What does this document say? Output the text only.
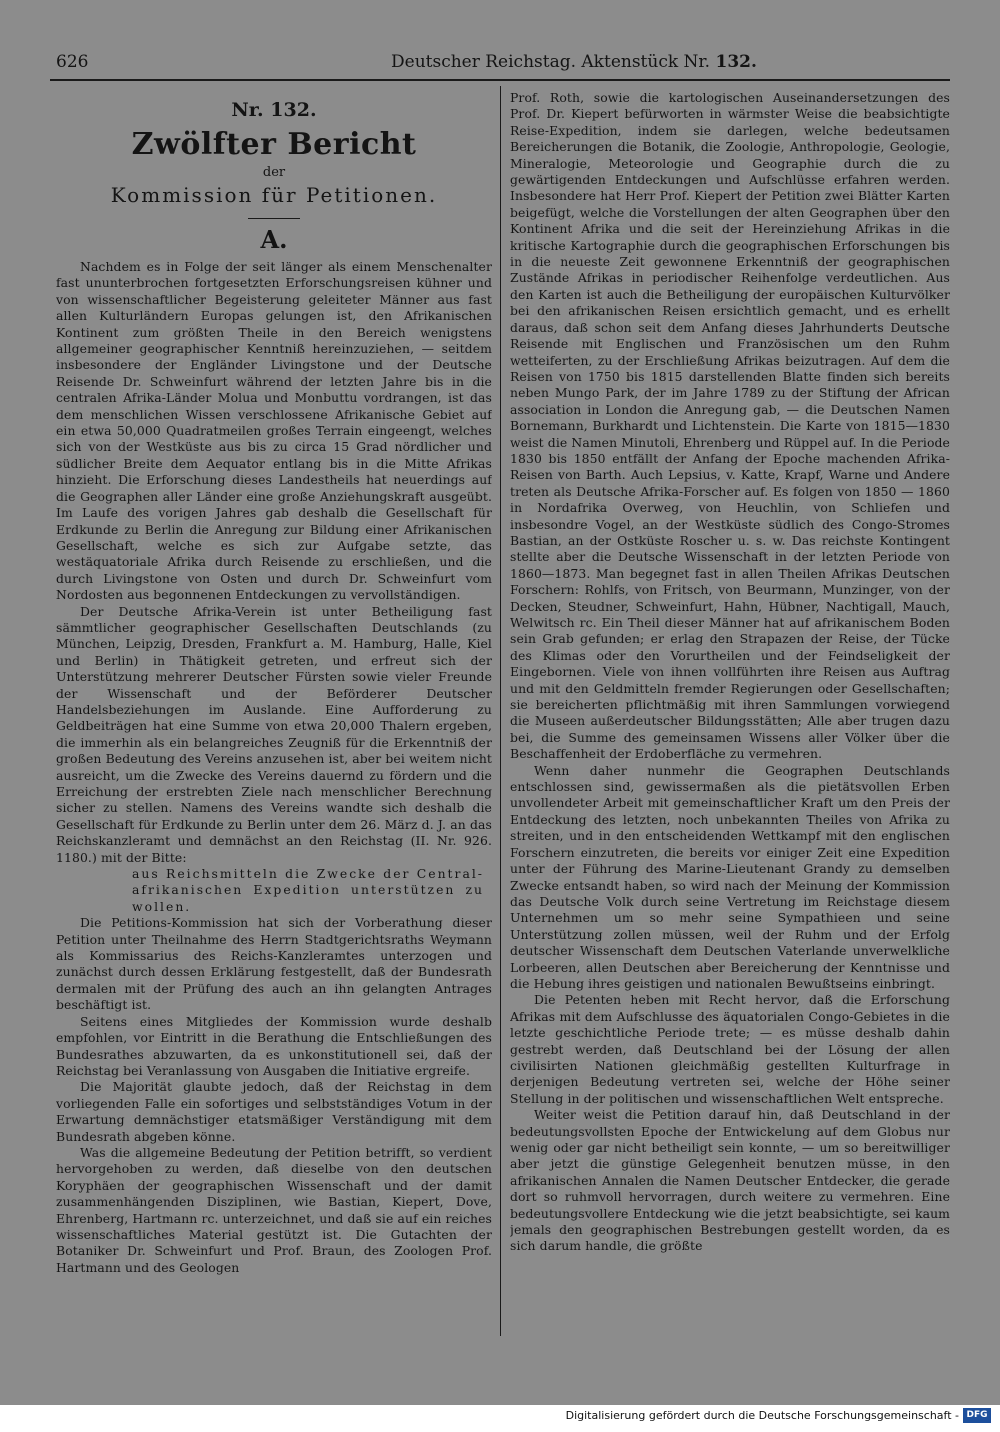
626	Deutscher Reichstag. Aktenstück Nr. 132.
Nr. 132.
Zwölfter Bericht
der
Kommission für Petitionen.
A.

Nachdem es in Folge der seit länger als einem Menschenalter fast ununterbrochen fortgesetzten Erforschungsreisen kühner und von wissenschaftlicher Begeisterung geleiteter Männer aus fast allen Kulturländern Europas gelungen ist, den Afrikanischen Kontinent zum größten Theile in den Bereich wenigstens allgemeiner geographischer Kenntniß hereinzuziehen, — seitdem insbesondere der Engländer Livingstone und der Deutsche Reisende Dr. Schweinfurt während der letzten Jahre bis in die centralen Afrika-Länder Molua und Monbuttu vordrangen, ist das dem menschlichen Wissen verschlossene Afrikanische Gebiet auf ein etwa 50,000 Quadratmeilen großes Terrain eingeengt, welches sich von der Westküste aus bis zu circa 15 Grad nördlicher und südlicher Breite dem Aequator entlang bis in die Mitte Afrikas hinzieht. Die Erforschung dieses Landestheils hat neuerdings auf die Geographen aller Länder eine große Anziehungskraft ausgeübt. Im Laufe des vorigen Jahres gab deshalb die Gesellschaft für Erdkunde zu Berlin die Anregung zur Bildung einer Afrikanischen Gesellschaft, welche es sich zur Aufgabe setzte, das westäquatoriale Afrika durch Reisende zu erschließen, und die durch Livingstone von Osten und durch Dr. Schweinfurt vom Nordosten aus begonnenen Entdeckungen zu vervollständigen.

Der Deutsche Afrika-Verein ist unter Betheiligung fast sämmtlicher geographischer Gesellschaften Deutschlands (zu München, Leipzig, Dresden, Frankfurt a. M. Hamburg, Halle, Kiel und Berlin) in Thätigkeit getreten, und erfreut sich der Unterstützung mehrerer Deutscher Fürsten sowie vieler Freunde der Wissenschaft und der Beförderer Deutscher Handelsbeziehungen im Auslande. Eine Aufforderung zu Geldbeiträgen hat eine Summe von etwa 20,000 Thalern ergeben, die immerhin als ein belangreiches Zeugniß für die Erkenntniß der großen Bedeutung des Vereins anzusehen ist, aber bei weitem nicht ausreicht, um die Zwecke des Vereins dauernd zu fördern und die Erreichung der erstrebten Ziele nach menschlicher Berechnung sicher zu stellen. Namens des Vereins wandte sich deshalb die Gesellschaft für Erdkunde zu Berlin unter dem 26. März d. J. an das Reichskanzleramt und demnächst an den Reichstag (II. Nr. 926. 1180.) mit der Bitte:

aus Reichsmitteln die Zwecke der Central-afrikanischen Expedition unterstützen zu wollen.

Die Petitions-Kommission hat sich der Vorberathung dieser Petition unter Theilnahme des Herrn Stadtgerichtsraths Weymann als Kommissarius des Reichs-Kanzleramtes unterzogen und zunächst durch dessen Erklärung festgestellt, daß der Bundesrath dermalen mit der Prüfung des auch an ihn gelangten Antrages beschäftigt ist.

Seitens eines Mitgliedes der Kommission wurde deshalb empfohlen, vor Eintritt in die Berathung die Entschließungen des Bundesrathes abzuwarten, da es unkonstitutionell sei, daß der Reichstag bei Veranlassung von Ausgaben die Initiative ergreife.

Die Majorität glaubte jedoch, daß der Reichstag in dem vorliegenden Falle ein sofortiges und selbstständiges Votum in der Erwartung demnächstiger etatsmäßiger Verständigung mit dem Bundesrath abgeben könne.

Was die allgemeine Bedeutung der Petition betrifft, so verdient hervorgehoben zu werden, daß dieselbe von den deutschen Koryphäen der geographischen Wissenschaft und der damit zusammenhängenden Disziplinen, wie Bastian, Kiepert, Dove, Ehrenberg, Hartmann rc. unterzeichnet, und daß sie auf ein reiches wissenschaftliches Material gestützt ist. Die Gutachten der Botaniker Dr. Schweinfurt und Prof. Braun, des Zoologen Prof. Hartmann und des Geologen

Prof. Roth, sowie die kartologischen Auseinandersetzungen des Prof. Dr. Kiepert befürworten in wärmster Weise die beabsichtigte Reise-Expedition, indem sie darlegen, welche bedeutsamen Bereicherungen die Botanik, die Zoologie, Anthropologie, Geologie, Mineralogie, Meteorologie und Geographie durch die zu gewärtigenden Entdeckungen und Aufschlüsse erfahren werden. Insbesondere hat Herr Prof. Kiepert der Petition zwei Blätter Karten beigefügt, welche die Vorstellungen der alten Geographen über den Kontinent Afrika und die seit der Hereinziehung Afrikas in die kritische Kartographie durch die geographischen Erforschungen bis in die neueste Zeit gewonnene Erkenntniß der geographischen Zustände Afrikas in periodischer Reihenfolge verdeutlichen. Aus den Karten ist auch die Betheiligung der europäischen Kulturvölker bei den afrikanischen Reisen ersichtlich gemacht, und es erhellt daraus, daß schon seit dem Anfang dieses Jahrhunderts Deutsche Reisende mit Englischen und Französischen um den Ruhm wetteiferten, zu der Erschließung Afrikas beizutragen. Auf dem die Reisen von 1750 bis 1815 darstellenden Blatte finden sich bereits neben Mungo Park, der im Jahre 1789 zu der Stiftung der African association in London die Anregung gab, — die Deutschen Namen Bornemann, Burkhardt und Lichtenstein. Die Karte von 1815—1830 weist die Namen Minutoli, Ehrenberg und Rüppel auf. In die Periode 1830 bis 1850 entfällt der Anfang der Epoche machenden Afrika-Reisen von Barth. Auch Lepsius, v. Katte, Krapf, Warne und Andere treten als Deutsche Afrika-Forscher auf. Es folgen von 1850 — 1860 in Nordafrika Overweg, von Heuchlin, von Schliefen und insbesondre Vogel, an der Westküste südlich des Congo-Stromes Bastian, an der Ostküste Roscher u. s. w. Das reichste Kontingent stellte aber die Deutsche Wissenschaft in der letzten Periode von 1860—1873. Man begegnet fast in allen Theilen Afrikas Deutschen Forschern: Rohlfs, von Fritsch, von Beurmann, Munzinger, von der Decken, Steudner, Schweinfurt, Hahn, Hübner, Nachtigall, Mauch, Welwitsch rc. Ein Theil dieser Männer hat auf afrikanischem Boden sein Grab gefunden; er erlag den Strapazen der Reise, der Tücke des Klimas oder den Vorurtheilen und der Feindseligkeit der Eingebornen. Viele von ihnen vollführten ihre Reisen aus Auftrag und mit den Geldmitteln fremder Regierungen oder Gesellschaften; sie bereicherten pflichtmäßig mit ihren Sammlungen vorwiegend die Museen außerdeutscher Bildungsstätten; Alle aber trugen dazu bei, die Summe des gemeinsamen Wissens aller Völker über die Beschaffenheit der Erdoberfläche zu vermehren.

Wenn daher nunmehr die Geographen Deutschlands entschlossen sind, gewissermaßen als die pietätsvollen Erben unvollendeter Arbeit mit gemeinschaftlicher Kraft um den Preis der Entdeckung des letzten, noch unbekannten Theiles von Afrika zu streiten, und in den entscheidenden Wettkampf mit den englischen Forschern einzutreten, die bereits vor einiger Zeit eine Expedition unter der Führung des Marine-Lieutenant Grandy zu demselben Zwecke entsandt haben, so wird nach der Meinung der Kommission das Deutsche Volk durch seine Vertretung im Reichstage diesem Unternehmen um so mehr seine Sympathieen und seine Unterstützung zollen müssen, weil der Ruhm und der Erfolg deutscher Wissenschaft dem Deutschen Vaterlande unverwelkliche Lorbeeren, allen Deutschen aber Bereicherung der Kenntnisse und die Hebung ihres geistigen und nationalen Bewußtseins einbringt.

Die Petenten heben mit Recht hervor, daß die Erforschung Afrikas mit dem Aufschlusse des äquatorialen Congo-Gebietes in die letzte geschichtliche Periode trete; — es müsse deshalb dahin gestrebt werden, daß Deutschland bei der Lösung der allen civilisirten Nationen gleichmäßig gestellten Kulturfrage in derjenigen Bedeutung vertreten sei, welche der Höhe seiner Stellung in der politischen und wissenschaftlichen Welt entspreche.

Weiter weist die Petition darauf hin, daß Deutschland in der bedeutungsvollsten Epoche der Entwickelung auf dem Globus nur wenig oder gar nicht betheiligt sein konnte, — um so bereitwilliger aber jetzt die günstige Gelegenheit benutzen müsse, in den afrikanischen Annalen die Namen Deutscher Entdecker, die gerade dort so ruhmvoll hervorragen, durch weitere zu vermehren. Eine bedeutungsvollere Entdeckung wie die jetzt beabsichtigte, sei kaum jemals den geographischen Bestrebungen gestellt worden, da es sich darum handle, die größte

Digitalisierung gefördert durch die Deutsche Forschungsgemeinschaft - DFG
